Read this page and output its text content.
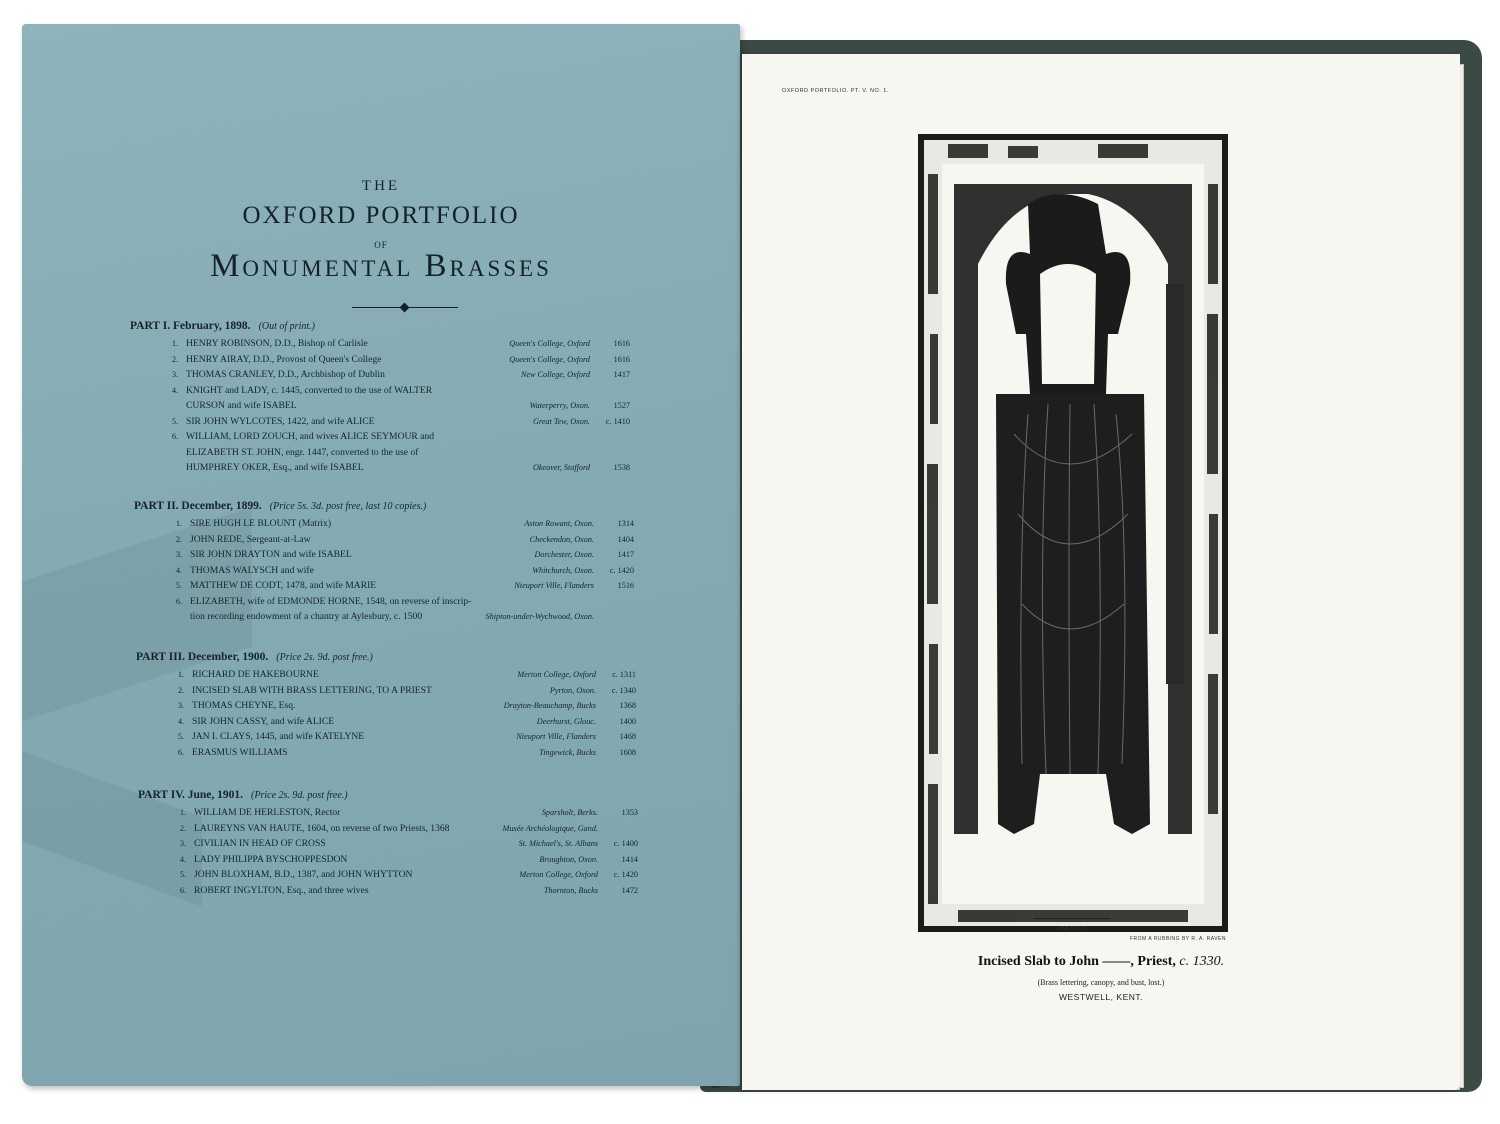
THE
OXFORD PORTFOLIO
OF
Monumental Brasses
PART I. February, 1898. (Out of print.)
1. HENRY ROBINSON, D.D., Bishop of Carlisle	Queen's College, Oxford	1616
2. HENRY AIRAY, D.D., Provost of Queen's College	Queen's College, Oxford	1616
3. THOMAS CRANLEY, D.D., Archbishop of Dublin	New College, Oxford	1417
4. KNIGHT and LADY, c. 1445, converted to the use of WALTER
CURSON and wife ISABEL	Waterperry, Oxon.	1527
5. SIR JOHN WYLCOTES, 1422, and wife ALICE	Great Tew, Oxon.	c. 1410
6. WILLIAM, LORD ZOUCH, and wives ALICE SEYMOUR and
ELIZABETH ST. JOHN, engr. 1447, converted to the use of
HUMPHREY OKER, Esq., and wife ISABEL	Okeover, Stafford	1538
PART II. December, 1899. (Price 5s. 3d. post free, last 10 copies.)
1. SIRE HUGH LE BLOUNT (Matrix)	Aston Rowant, Oxon.	1314
2. JOHN REDE, Sergeant-at-Law	Checkendon, Oxon.	1404
3. SIR JOHN DRAYTON and wife ISABEL	Dorchester, Oxon.	1417
4. THOMAS WALYSCH and wife	Whitchurch, Oxon.	c. 1420
5. MATTHEW DE CODT, 1478, and wife MARIE	Nieuport Ville, Flanders	1516
6. ELIZABETH, wife of EDMONDE HORNE, 1548, on reverse of inscrip-
tion recording endowment of a chantry at Aylesbury, c. 1500	Shipton-under-Wychwood, Oxon.
PART III. December, 1900. (Price 2s. 9d. post free.)
1. RICHARD DE HAKEBOURNE	Merton College, Oxford	c. 1311
2. INCISED SLAB WITH BRASS LETTERING, TO A PRIEST	Pyrton, Oxon.	c. 1340
3. THOMAS CHEYNE, Esq.	Drayton-Beauchamp, Bucks	1368
4. SIR JOHN CASSY, and wife ALICE	Deerhurst, Glouc.	1400
5. JAN I. CLAYS, 1445, and wife KATELYNE	Nieuport Ville, Flanders	1468
6. ERASMUS WILLIAMS	Tingewick, Bucks	1608
PART IV. June, 1901. (Price 2s. 9d. post free.)
1. WILLIAM DE HERLESTON, Rector	Sparsholt, Berks.	1353
2. LAUREYNS VAN HAUTE, 1604, on reverse of two Priests, 1368	Musée Archéologique, Gand.
3. CIVILIAN IN HEAD OF CROSS	St. Michael's, St. Albans	c. 1400
4. LADY PHILIPPA BYSCHOPPESDON	Broughton, Oxon.	1414
5. JOHN BLOXHAM, B.D., 1387, and JOHN WHYTTON	Merton College, Oxford	c. 1420
6. ROBERT INGYLTON, Esq., and three wives	Thornton, Bucks	1472
OXFORD PORTFOLIO. PT. V. NO. 1.
ONE FOOT
FROM A RUBBING BY R. A. RAVEN
Incised Slab to John ——, Priest, c. 1330.
(Brass lettering, canopy, and bust, lost.)
WESTWELL, KENT.
